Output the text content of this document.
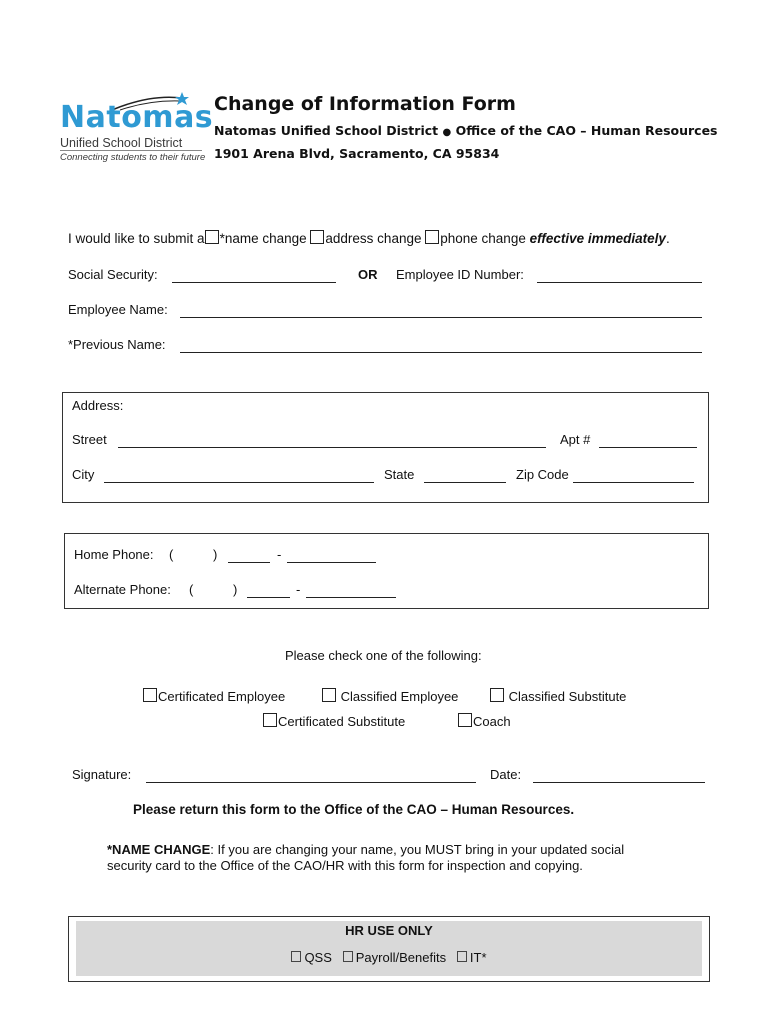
Natomas
Unified School District
Connecting students to their future
Change of Information Form
Natomas Unified School District ● Office of the CAO – Human Resources
1901 Arena Blvd, Sacramento, CA 95834
I would like to submit a *name change address change phone change effective immediately.
Social Security:	OR Employee ID Number:
Employee Name:
*Previous Name:
Address:
Street	Apt #
City	State	Zip Code
Home Phone: (	)	-
Alternate Phone: (	)	-
Please check one of the following:
Certificated Employee	Classified Employee	Classified Substitute
Certificated Substitute	Coach
Signature:	Date:
Please return this form to the Office of the CAO – Human Resources.
*NAME CHANGE: If you are changing your name, you MUST bring in your updated social
security card to the Office of the CAO/HR with this form for inspection and copying.
HR USE ONLY
QSS Payroll/Benefits IT*
